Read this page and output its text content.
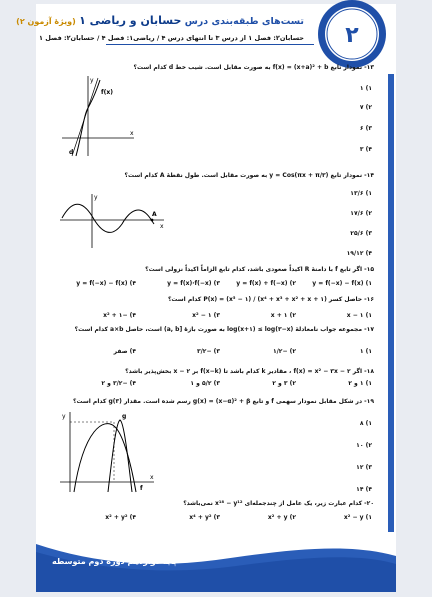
۲
تست‌های طبقه‌بندی درس حسابان و ریاضی ۱ (ویژهٔ آزمون ۲)
حسابان۲: فصل ۱ از درس ۳ تا انتهای درس ۴ / ریاضی۱: فصل ۴ / حسابان۲: فصل ۱
۱۳- نمودار تابع f(x) = (x+a)² + b به صورت مقابل است. شیب خط d کدام است؟
۱) ۱
۲) ۷
۳) ۶
۴) ۳
f(x)
d
x
y
۱۴- نمودار تابع y = Cos(πx + π/۳) به صورت مقابل است. طول نقطهٔ A کدام است؟
۱) ۱۳/۶
۲) ۱۷/۶
۳) ۲۵/۶
۴) ۱۹/۱۲
A
x
y
۱۵- اگر تابع f با دامنهٔ R اکیداً صعودی باشد، کدام تابع الزاماً اکیداً نزولی است؟
۱) y = f(−x) − f(x)
۲) y = f(x) + f(−x)
۳) y = f(x)·f(−x)
۴) y = f(−x) − f(x)
۱۶- حاصل کسر P(x) = (x⁵ − ۱) / (x⁴ + x³ + x² + x + ۱) کدام است؟
۱) x − ۱
۲) x + ۱
۳) x² − ۱
۴) −x² + ۱
۱۷- مجموعه جواب نامعادلهٔ log(x+۱) ≤ log(۳−x) به صورت بازهٔ [a, b) است، حاصل a×b کدام است؟
۱) ۱
۲) −۱/۲
۳) −۳/۲
۴) صفر
۱۸- اگر f(x) = x² − ۳x − ۲ ، مقادیر k کدام باشد تا f(x−k) بر x − ۲ بخش‌پذیر باشد؟
۱) ۱ و ۲
۲) ۳ و ۲
۳) ۵/۲ و ۱
۴) −۳/۲ و ۲
۱۹- در شکل مقابل نمودار سهمی f و تابع g(x) = (x−α)² + β رسم شده است. مقدار g(۳) کدام است؟
۱) ۸
۲) ۱۰
۳) ۱۲
۴) ۱۴
g
f
x
y
۲۰- کدام عبارت زیر، یک عامل از چندجمله‌ای x¹⁸ − y¹² نمی‌باشد؟
۱) x² − y
۲) x² + y
۳) x⁴ + y²
۴) x² + y²
پایهٔ دوازدهم دورهٔ دوم متوسطه
